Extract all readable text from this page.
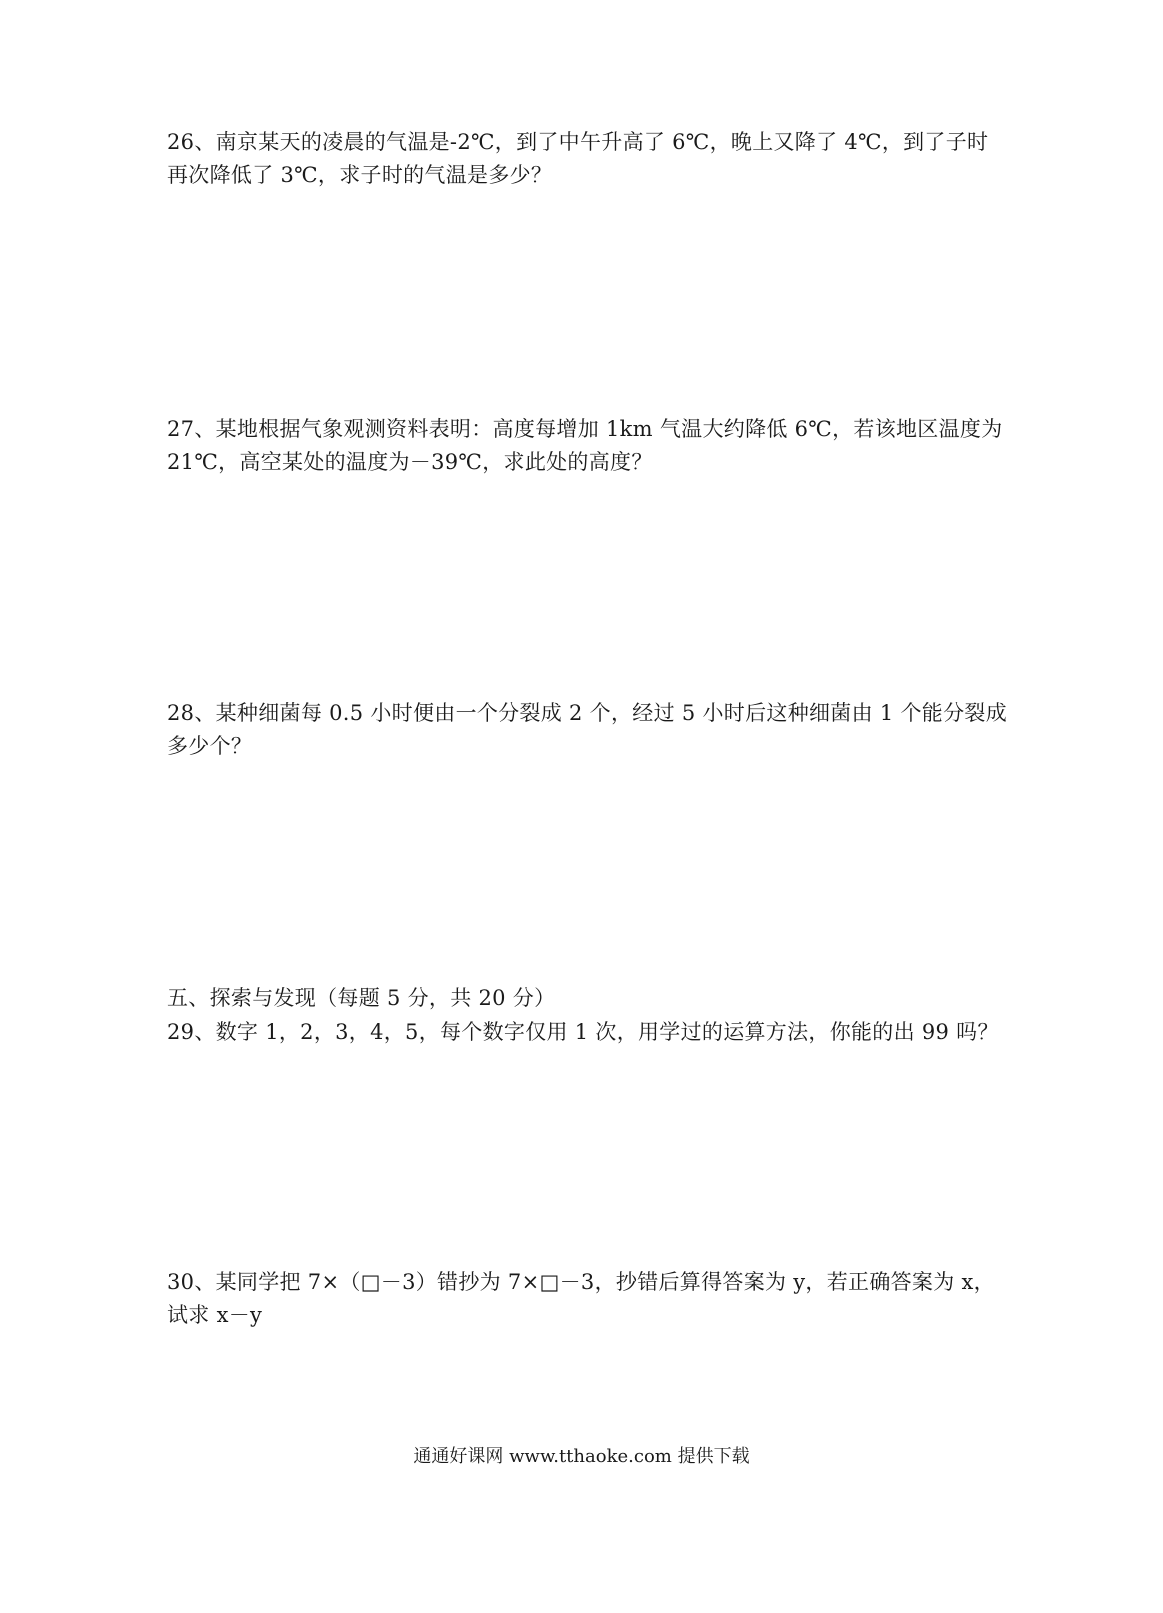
26、南京某天的凌晨的气温是-2℃，到了中午升高了 6℃，晚上又降了 4℃，到了子时
再次降低了 3℃，求子时的气温是多少？
27、某地根据气象观测资料表明：高度每增加 1km 气温大约降低 6℃，若该地区温度为
21℃，高空某处的温度为－39℃，求此处的高度？
28、某种细菌每 0.5 小时便由一个分裂成 2 个，经过 5 小时后这种细菌由 1 个能分裂成
多少个？
五、探索与发现（每题 5 分，共 20 分）
29、数字 1，2，3，4，5，每个数字仅用 1 次，用学过的运算方法，你能的出 99 吗？
30、某同学把 7×（□－3）错抄为 7×□－3，抄错后算得答案为 y，若正确答案为 x，
试求 x－y
通通好课网 www.tthaoke.com 提供下载
